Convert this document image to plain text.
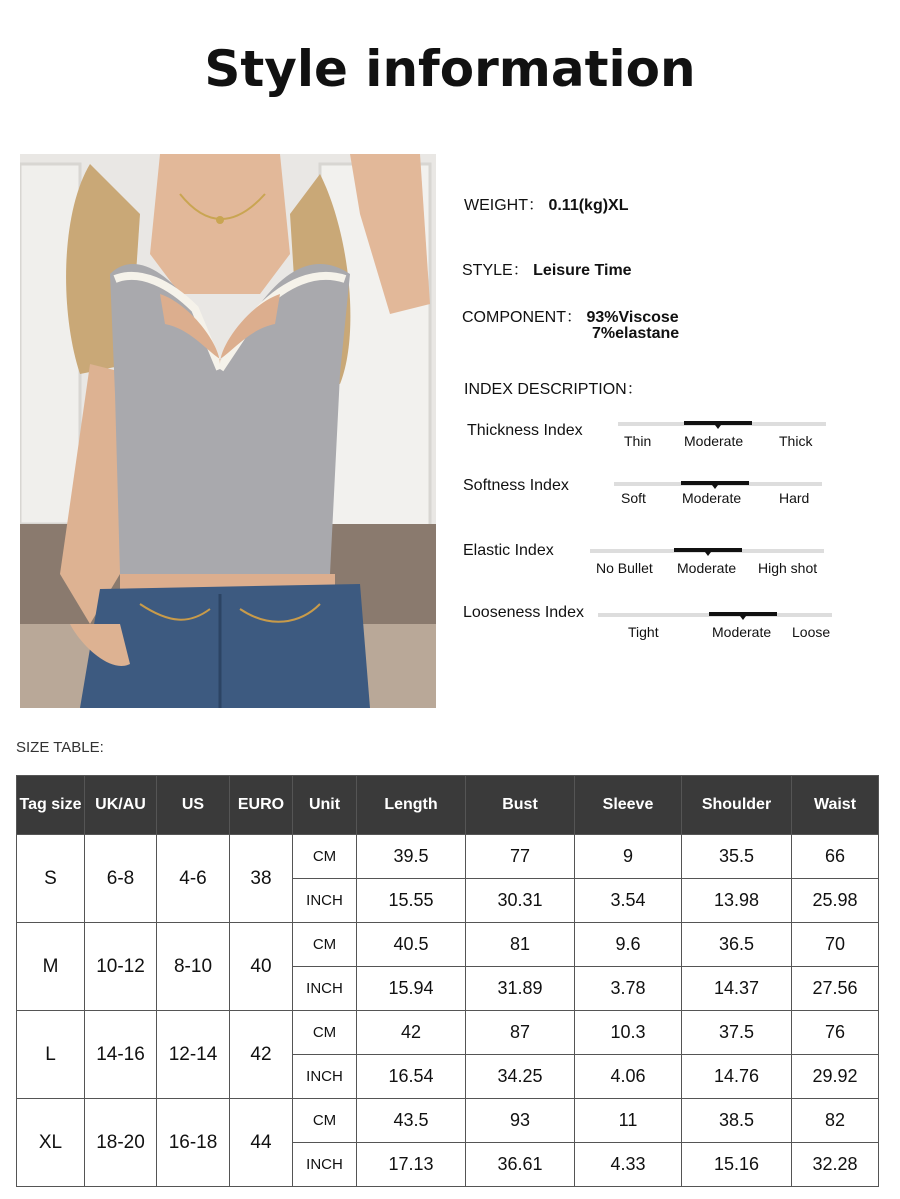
Style information
WEIGHT： 0.11(kg)XL
STYLE： Leisure Time
COMPONENT： 93%Viscose
7%elastane
INDEX DESCRIPTION：
Thickness Index
Thin Moderate	Thick
Softness Index
Soft	Moderate	Hard
Elastic Index
No Bullet Moderate High shot
Looseness Index
Tight	Moderate Loose
SIZE TABLE:
Tag size	UK/AU	US	EURO	Unit	Length	Bust	Sleeve	Shoulder	Waist
S	6-8	4-6	38	CM	39.5	77	9	35.5	66
				INCH	15.55	30.31	3.54	13.98	25.98
M	10-12	8-10	40	CM	40.5	81	9.6	36.5	70
				INCH	15.94	31.89	3.78	14.37	27.56
L	14-16	12-14	42	CM	42	87	10.3	37.5	76
				INCH	16.54	34.25	4.06	14.76	29.92
XL	18-20	16-18	44	CM	43.5	93	11	38.5	82
				INCH	17.13	36.61	4.33	15.16	32.28
